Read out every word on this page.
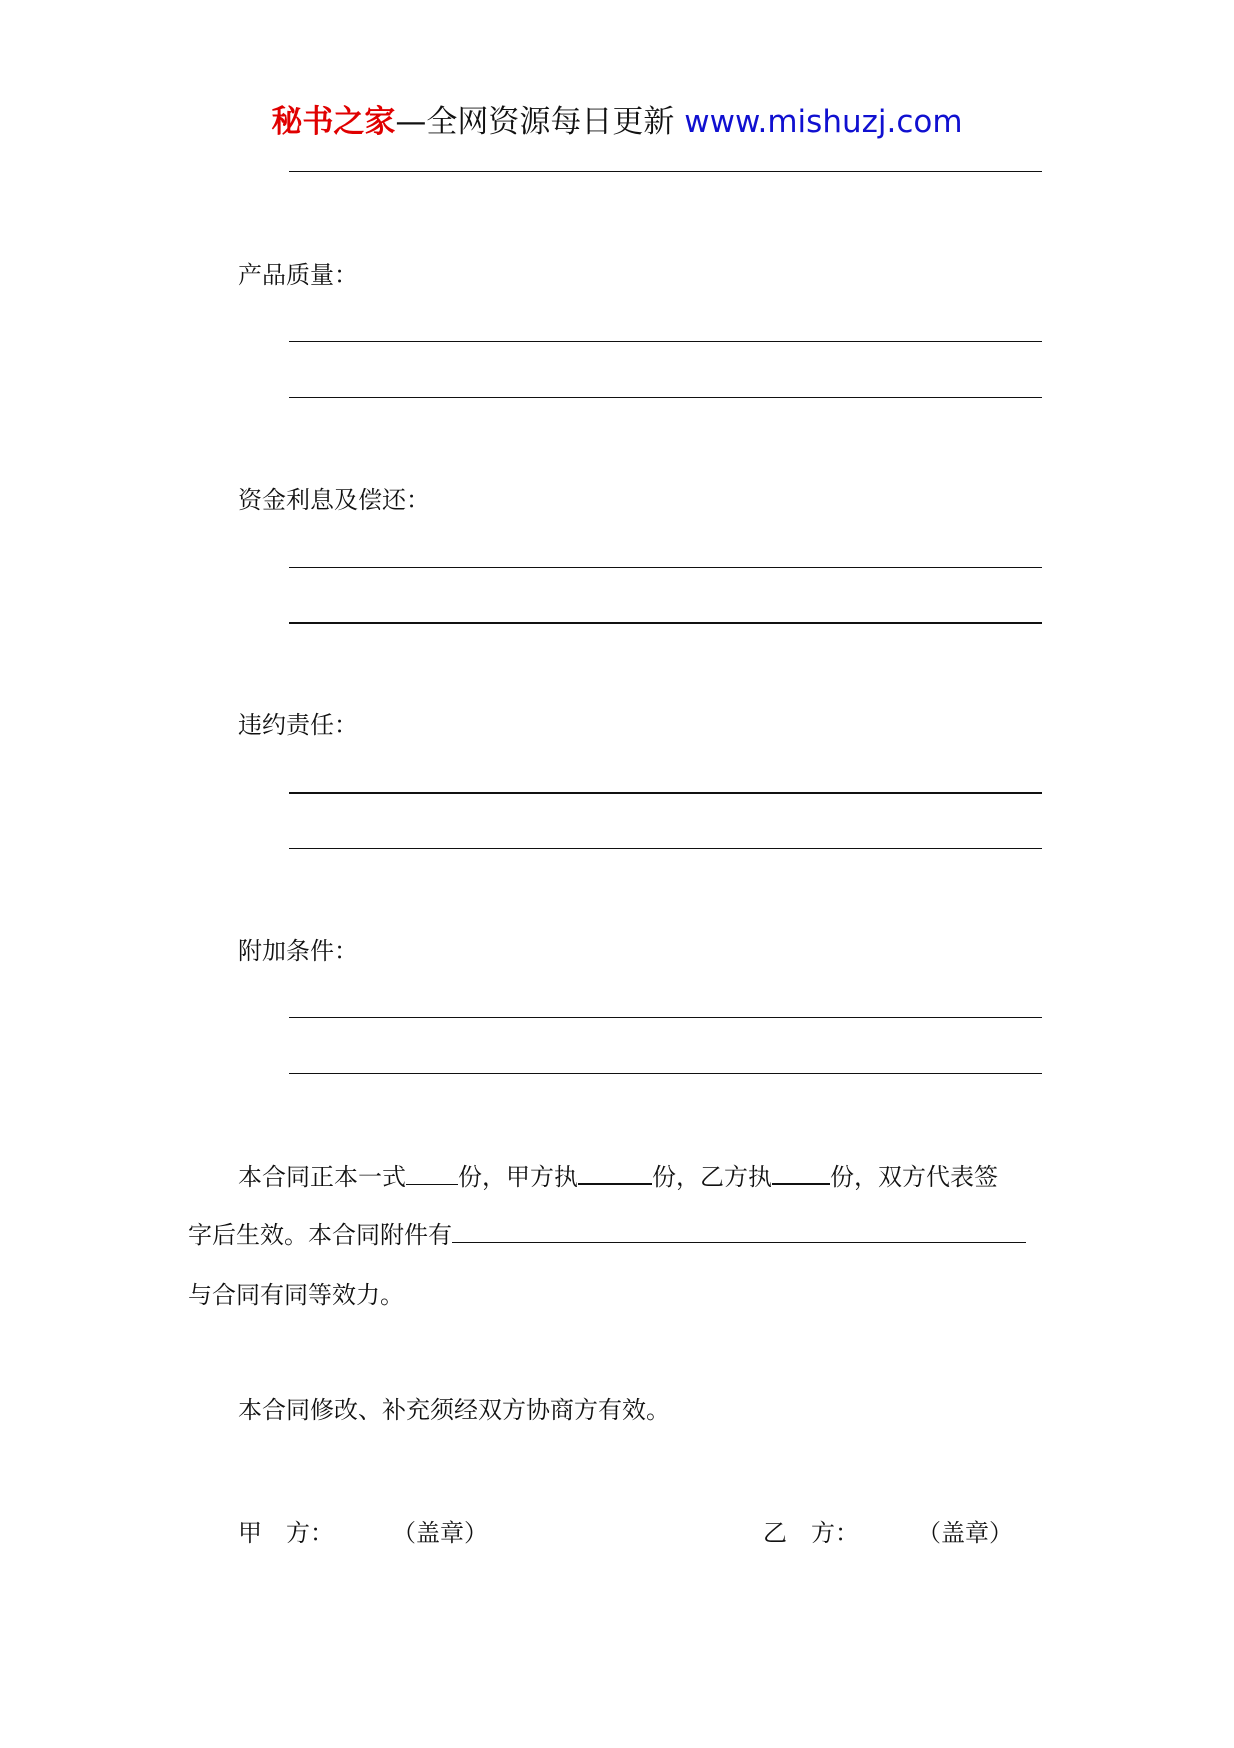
秘书之家—全网资源每日更新 www.mishuzj.com
产品质量：
资金利息及偿还：
违约责任：
附加条件：
本合同正本一式 份，甲方执	份，乙方执 份，双方代表签
字后生效。本合同附件有
与合同有同等效力。
本合同修改、补充须经双方协商方有效。
甲 方： （盖章）	乙 方： （盖章）
